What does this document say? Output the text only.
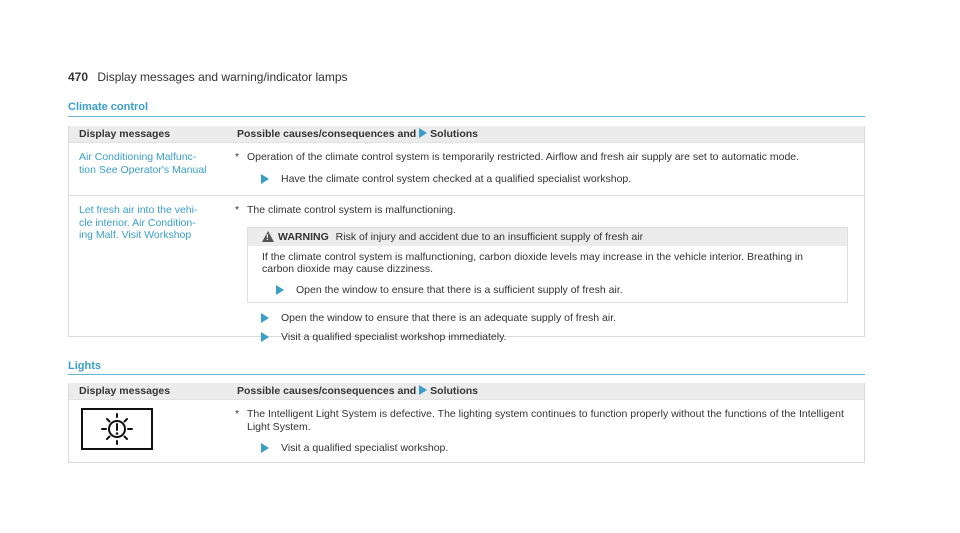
470 Display messages and warning/indicator lamps
Climate control
Display messages	Possible causes/consequences and Solutions
Air Conditioning Malfunc-
tion See Operator's Manual
* Operation of the climate control system is temporarily restricted. Airflow and fresh air supply are set to automatic mode.
Have the climate control system checked at a qualified specialist workshop.
Let fresh air into the vehi-
cle interior. Air Condition-
ing Malf. Visit Workshop
* The climate control system is malfunctioning.
!
WARNING Risk of injury and accident due to an insufficient supply of fresh air
If the climate control system is malfunctioning, carbon dioxide levels may increase in the vehicle interior. Breathing in carbon dioxide may cause dizziness.
Open the window to ensure that there is a sufficient supply of fresh air.
Open the window to ensure that there is an adequate supply of fresh air.
Visit a qualified specialist workshop immediately.
Lights
Display messages	Possible causes/consequences and Solutions
* The Intelligent Light System is defective. The lighting system continues to function properly without the functions of the Intelligent Light System.
Visit a qualified specialist workshop.
